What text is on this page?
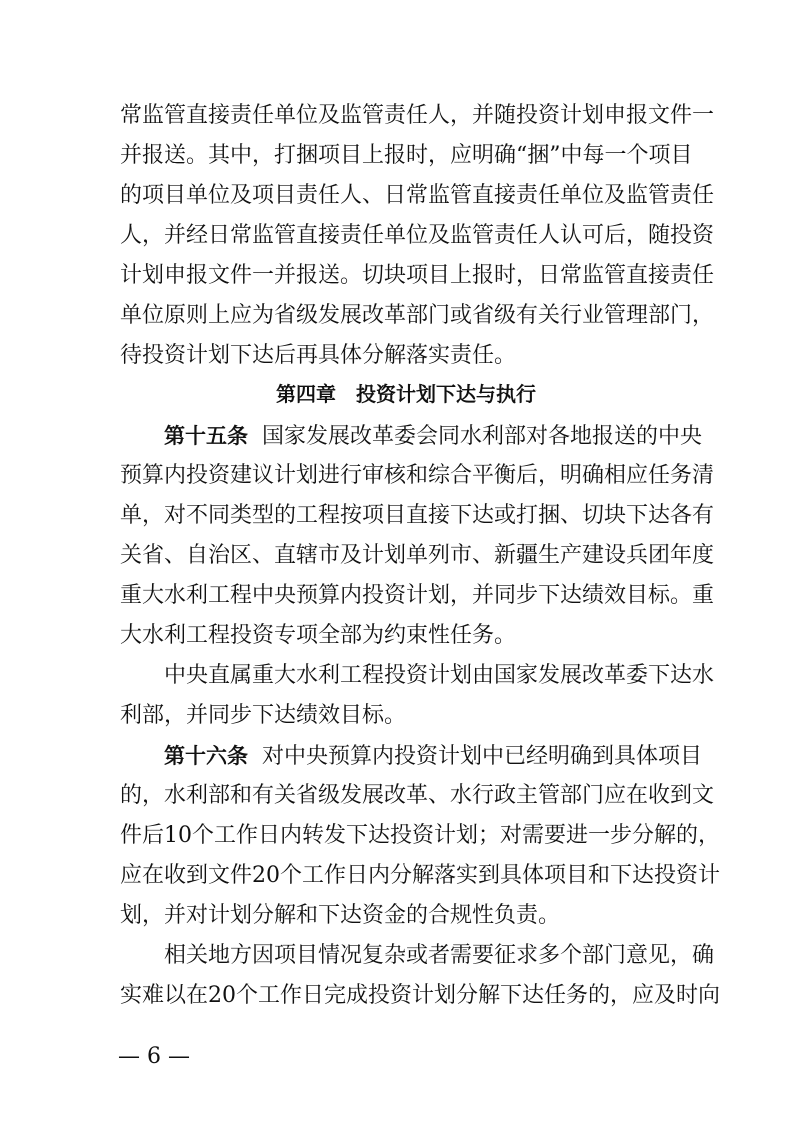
常监管直接责任单位及监管责任人，并随投资计划申报文件一
并报送。其中，打捆项目上报时，应明确“捆”中每一个项目
的项目单位及项目责任人、日常监管直接责任单位及监管责任
人，并经日常监管直接责任单位及监管责任人认可后，随投资
计划申报文件一并报送。切块项目上报时，日常监管直接责任
单位原则上应为省级发展改革部门或省级有关行业管理部门，
待投资计划下达后再具体分解落实责任。
第四章　投资计划下达与执行
第十五条 国家发展改革委会同水利部对各地报送的中央
预算内投资建议计划进行审核和综合平衡后，明确相应任务清
单，对不同类型的工程按项目直接下达或打捆、切块下达各有
关省、自治区、直辖市及计划单列市、新疆生产建设兵团年度
重大水利工程中央预算内投资计划，并同步下达绩效目标。重
大水利工程投资专项全部为约束性任务。
中央直属重大水利工程投资计划由国家发展改革委下达水
利部，并同步下达绩效目标。
第十六条 对中央预算内投资计划中已经明确到具体项目
的，水利部和有关省级发展改革、水行政主管部门应在收到文
件后10个工作日内转发下达投资计划；对需要进一步分解的，
应在收到文件20个工作日内分解落实到具体项目和下达投资计
划，并对计划分解和下达资金的合规性负责。
相关地方因项目情况复杂或者需要征求多个部门意见，确
实难以在20个工作日完成投资计划分解下达任务的，应及时向
— 6 —
